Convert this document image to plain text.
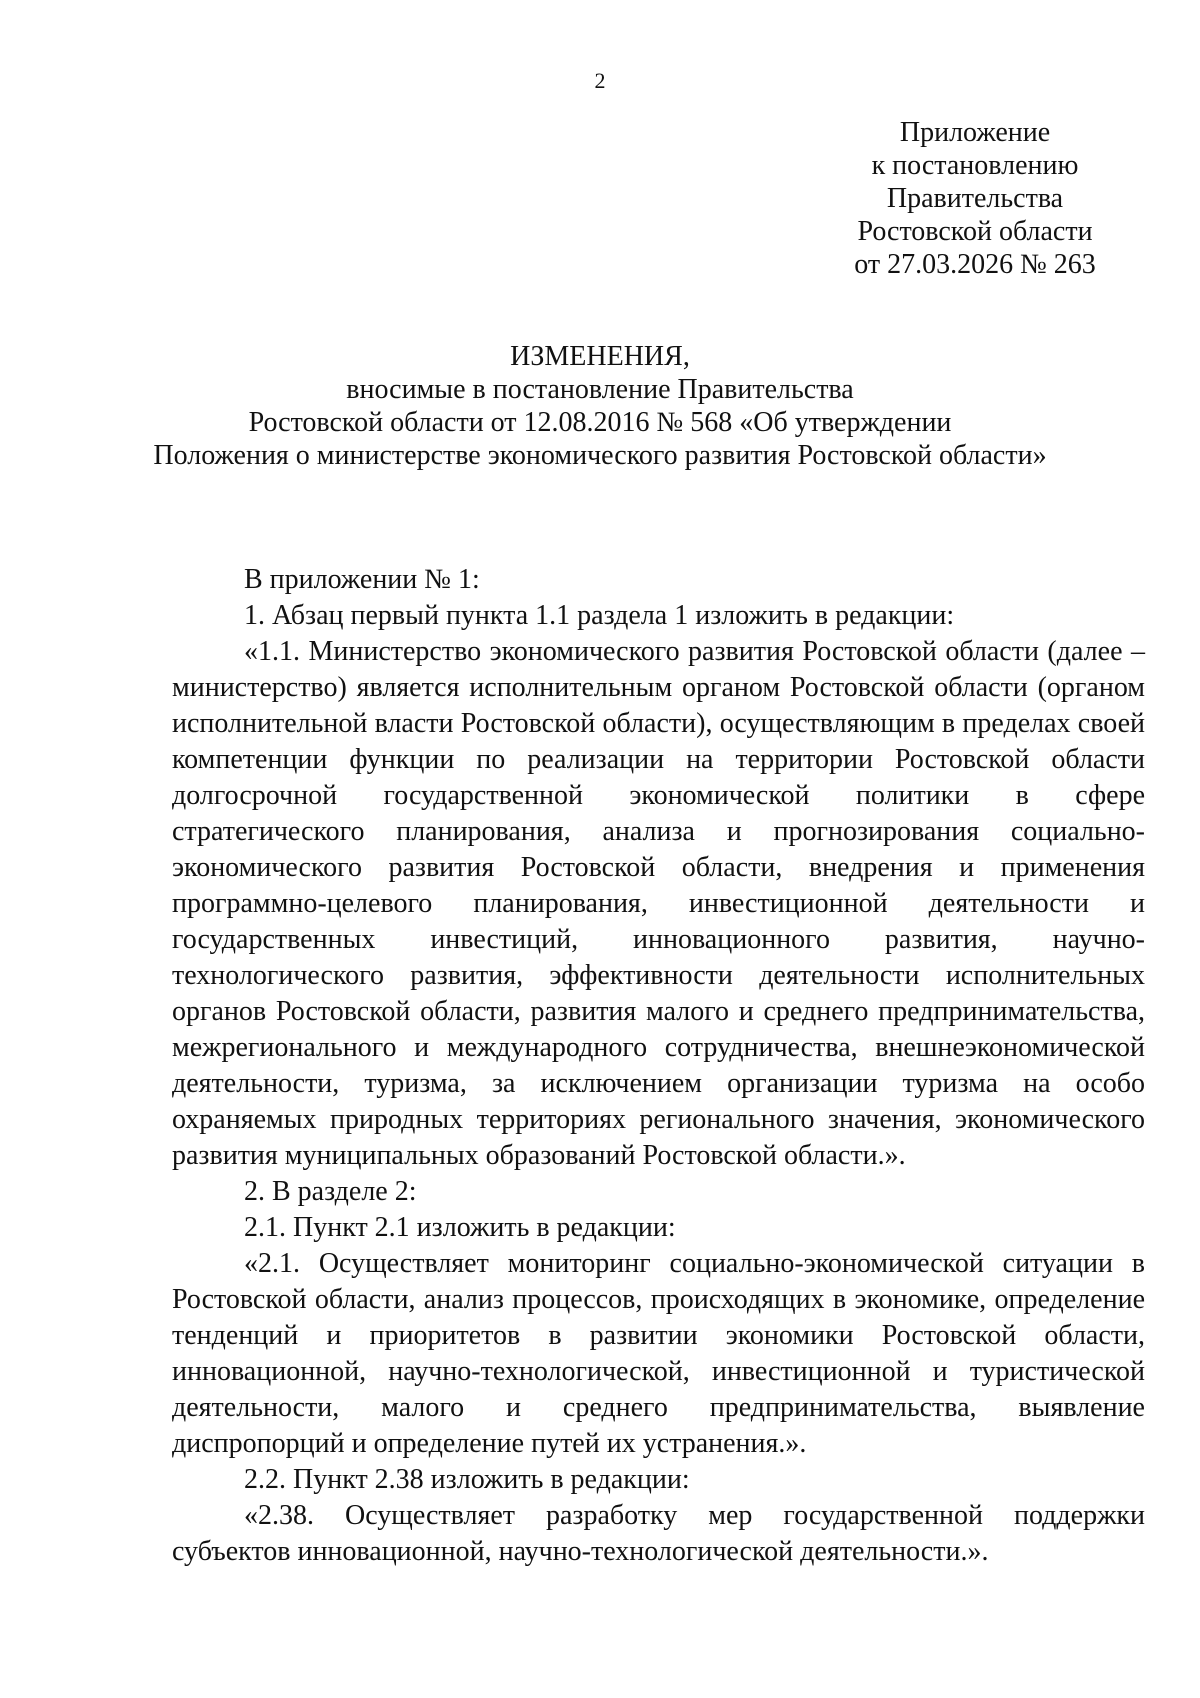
2
Приложение
к постановлению
Правительства
Ростовской области
от 27.03.2026 № 263
ИЗМЕНЕНИЯ,
вносимые в постановление Правительства
Ростовской области от 12.08.2016 № 568 «Об утверждении
Положения о министерстве экономического развития Ростовской области»

В приложении № 1:

1. Абзац первый пункта 1.1 раздела 1 изложить в редакции:

«1.1. Министерство экономического развития Ростовской области (далее – министерство) является исполнительным органом Ростовской области (органом исполнительной власти Ростовской области), осуществляющим в пределах своей компетенции функции по реализации на территории Ростовской области долгосрочной государственной экономической политики в сфере стратегического планирования, анализа и прогнозирования социально-экономического развития Ростовской области, внедрения и применения программно-целевого планирования, инвестиционной деятельности и государственных инвестиций, инновационного развития, научно-технологического развития, эффективности деятельности исполнительных органов Ростовской области, развития малого и среднего предпринимательства, межрегионального и международного сотрудничества, внешнеэкономической деятельности, туризма, за исключением организации туризма на особо охраняемых природных территориях регионального значения, экономического развития муниципальных образований Ростовской области.».

2. В разделе 2:

2.1. Пункт 2.1 изложить в редакции:

«2.1. Осуществляет мониторинг социально-экономической ситуации в Ростовской области, анализ процессов, происходящих в экономике, определение тенденций и приоритетов в развитии экономики Ростовской области, инновационной, научно-технологической, инвестиционной и туристической деятельности, малого и среднего предпринимательства, выявление диспропорций и определение путей их устранения.».

2.2. Пункт 2.38 изложить в редакции:

«2.38. Осуществляет разработку мер государственной поддержки субъектов инновационной, научно-технологической деятельности.».
